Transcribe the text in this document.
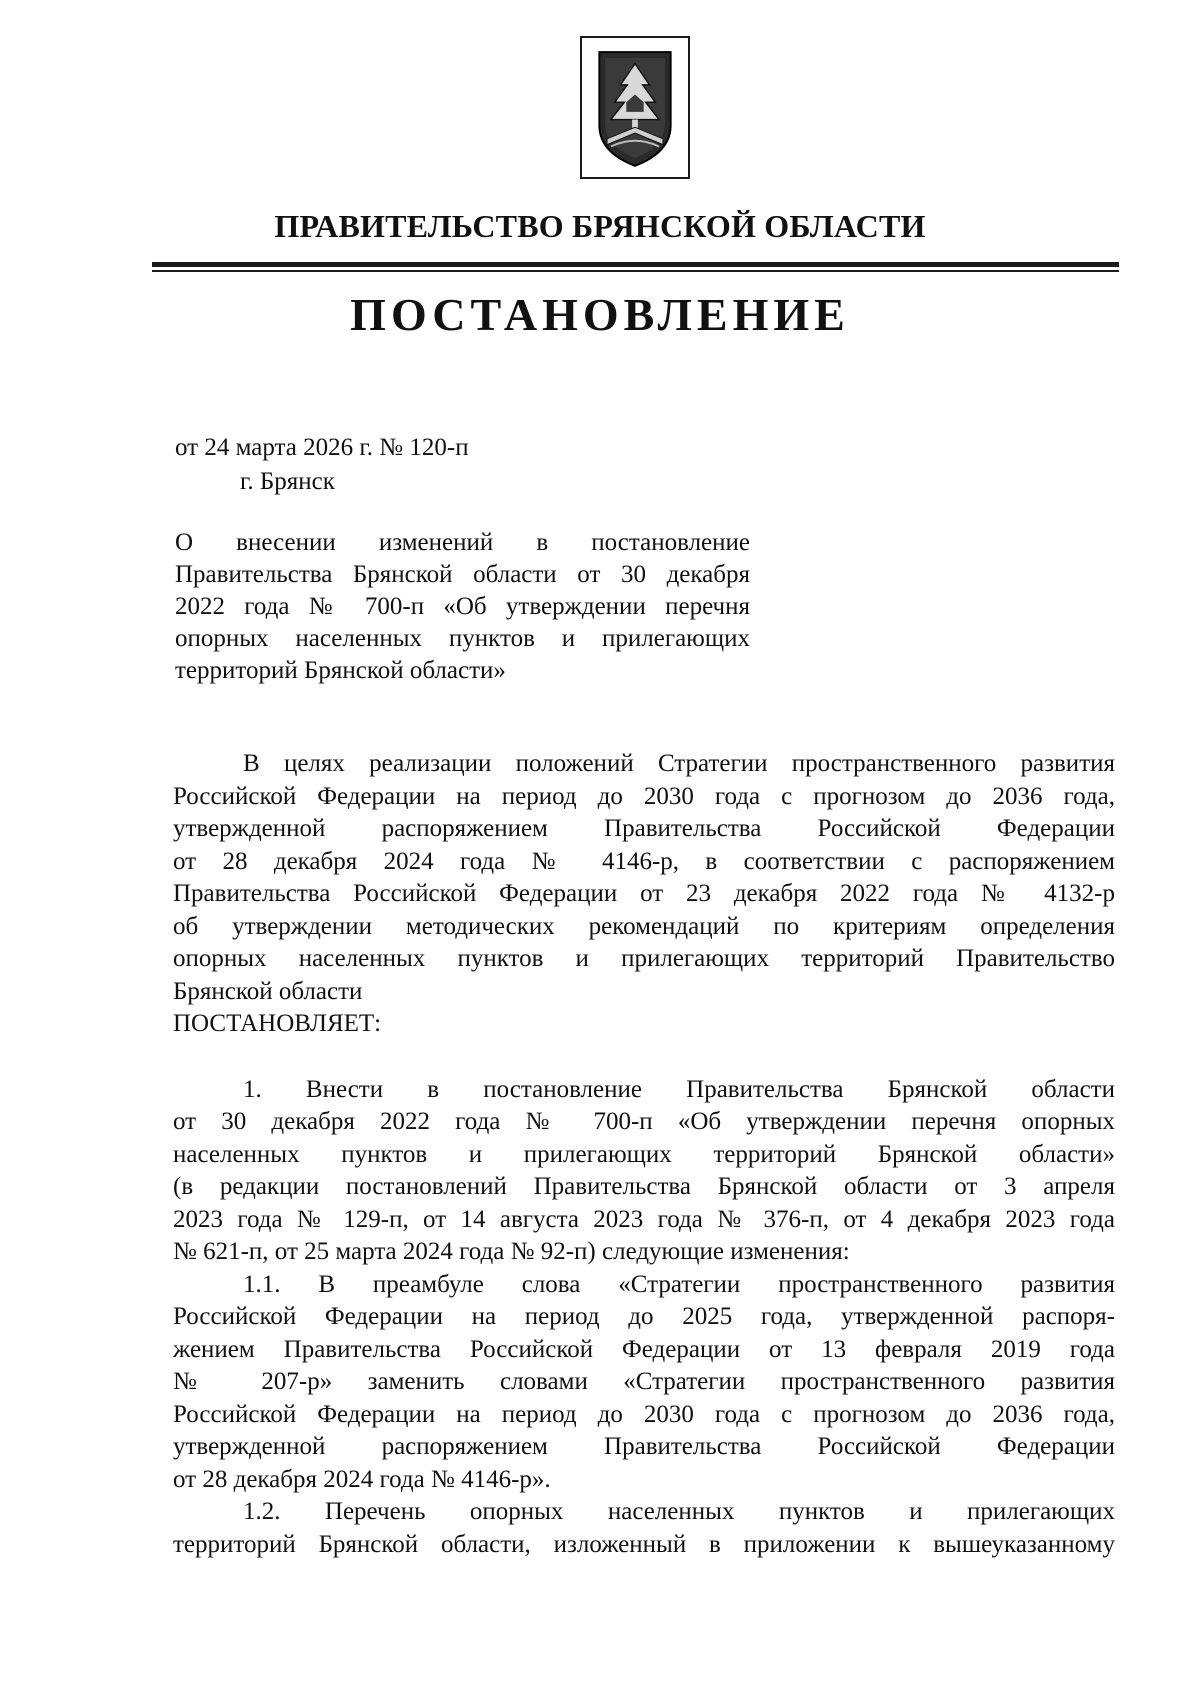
ПРАВИТЕЛЬСТВО БРЯНСКОЙ ОБЛАСТИ
ПОСТАНОВЛЕНИЕ
от 24 марта 2026 г. № 120-п
г. Брянск
О внесении изменений в постановление
Правительства Брянской области от 30 декабря
2022 года № 700-п «Об утверждении перечня
опорных населенных пунктов и прилегающих
территорий Брянской области»
В целях реализации положений Стратегии пространственного развития
Российской Федерации на период до 2030 года с прогнозом до 2036 года,
утвержденной распоряжением Правительства Российской Федерации
от 28 декабря 2024 года № 4146-р, в соответствии с распоряжением
Правительства Российской Федерации от 23 декабря 2022 года № 4132-р
об утверждении методических рекомендаций по критериям определения
опорных населенных пунктов и прилегающих территорий Правительство
Брянской области
ПОСТАНОВЛЯЕТ:
1. Внести в постановление Правительства Брянской области
от 30 декабря 2022 года № 700-п «Об утверждении перечня опорных
населенных пунктов и прилегающих территорий Брянской области»
(в редакции постановлений Правительства Брянской области от 3 апреля
2023 года № 129-п, от 14 августа 2023 года № 376-п, от 4 декабря 2023 года
№ 621-п, от 25 марта 2024 года № 92-п) следующие изменения:
1.1. В преамбуле слова «Стратегии пространственного развития
Российской Федерации на период до 2025 года, утвержденной распоря-
жением Правительства Российской Федерации от 13 февраля 2019 года
№ 207-р» заменить словами «Стратегии пространственного развития
Российской Федерации на период до 2030 года с прогнозом до 2036 года,
утвержденной распоряжением Правительства Российской Федерации
от 28 декабря 2024 года № 4146-р».
1.2. Перечень опорных населенных пунктов и прилегающих
территорий Брянской области, изложенный в приложении к вышеуказанному
